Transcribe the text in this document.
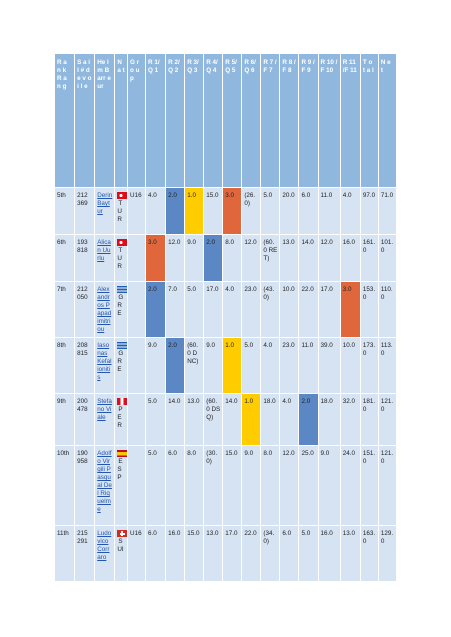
R a n k R a n g	S a i l # d e v o i l e	He lm Barr eur	N a t	G r o u p	R 1/ Q 1	R 2/ Q 2	R 3/ Q 3	R 4/ Q 4	R 5/ Q 5	R 6/ Q 6	R 7 / F 7	R 8 / F 8	R 9 / F 9	R 10 /F 10	R 11 /F 11	T o t a l	N e t
5th	212 369	Derin Baytur	TUR	U16	4.0	2.0	1.0	15.0	3.0	(26.0)	5.0	20.0	6.0	11.0	4.0	97.0	71.0
6th	193 818	Alican Uurlu	TUR		3.0	12.0	9.0	2.0	8.0	12.0	(60.0 RET)	13.0	14.0	12.0	16.0	161.0	101.0
7th	212 050	Alexandros Papadimitriou	GRE		2.0	7.0	5.0	17.0	4.0	23.0	(43.0)	10.0	22.0	17.0	3.0	153.0	110.0
8th	208 815	Iasonas Kefalionitis	GRE		9.0	2.0	(60.0 DNC)	9.0	1.0	5.0	4.0	23.0	11.0	39.0	10.0	173.0	113.0
9th	200 478	Stefano Viale	PER		5.0	14.0	13.0	(60.0 DSQ)	14.0	1.0	18.0	4.0	2.0	18.0	32.0	181.0	121.0
10th	190 958	Adolfo Virgili Pasqual Del Riquelme	ESP		5.0	6.0	8.0	(30.0)	15.0	9.0	8.0	12.0	25.0	9.0	24.0	151.0	121.0
11th	215 291	Ludovico Corraro	SUI	U16	6.0	16.0	15.0	13.0	17.0	22.0	(34.0)	6.0	5.0	16.0	13.0	163.0	129.0
